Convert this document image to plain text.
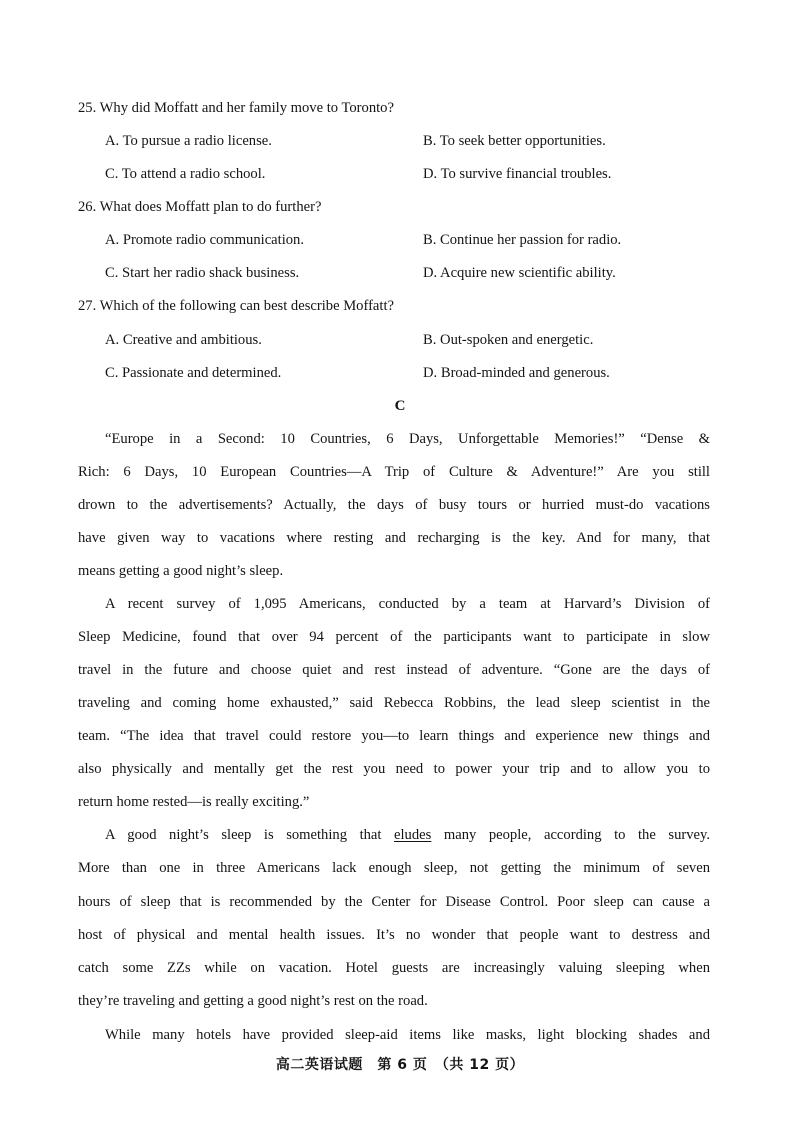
25. Why did Moffatt and her family move to Toronto?
A. To pursue a radio license.	B. To seek better opportunities.
C. To attend a radio school.	D. To survive financial troubles.
26. What does Moffatt plan to do further?
A. Promote radio communication.	B. Continue her passion for radio.
C. Start her radio shack business.	D. Acquire new scientific ability.
27. Which of the following can best describe Moffatt?
A. Creative and ambitious.	B. Out-spoken and energetic.
C. Passionate and determined.	D. Broad-minded and generous.
C
“Europe in a Second: 10 Countries, 6 Days, Unforgettable Memories!” “Dense &
Rich: 6 Days, 10 European Countries—A Trip of Culture & Adventure!” Are you still
drown to the advertisements? Actually, the days of busy tours or hurried must-do vacations
have given way to vacations where resting and recharging is the key. And for many, that
means getting a good night’s sleep.
A recent survey of 1,095 Americans, conducted by a team at Harvard’s Division of
Sleep Medicine, found that over 94 percent of the participants want to participate in slow
travel in the future and choose quiet and rest instead of adventure. “Gone are the days of
traveling and coming home exhausted,” said Rebecca Robbins, the lead sleep scientist in the
team. “The idea that travel could restore you—to learn things and experience new things and
also physically and mentally get the rest you need to power your trip and to allow you to
return home rested—is really exciting.”
A good night’s sleep is something that eludes many people, according to the survey.
More than one in three Americans lack enough sleep, not getting the minimum of seven
hours of sleep that is recommended by the Center for Disease Control. Poor sleep can cause a
host of physical and mental health issues. It’s no wonder that people want to destress and
catch some ZZs while on vacation. Hotel guests are increasingly valuing sleeping when
they’re traveling and getting a good night’s rest on the road.
While many hotels have provided sleep-aid items like masks, light blocking shades and
高二英语试题　第 6 页　（共 12 页）
